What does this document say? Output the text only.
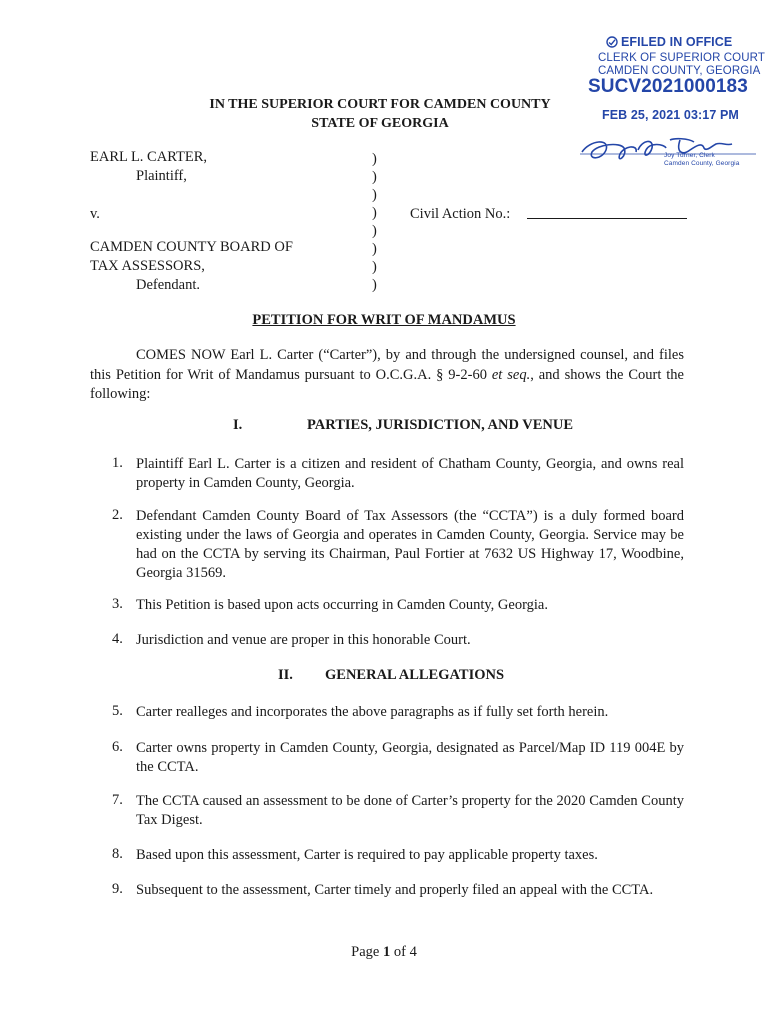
EFILED IN OFFICE
CLERK OF SUPERIOR COURT
CAMDEN COUNTY, GEORGIA
SUCV2021000183
FEB 25, 2021 03:17 PM
Joy Turner, Clerk
Camden County, Georgia
IN THE SUPERIOR COURT FOR CAMDEN COUNTY
STATE OF GEORGIA
EARL L. CARTER,
Plaintiff,
v.
CAMDEN COUNTY BOARD OF
TAX ASSESSORS,
Defendant.
)
)
)
)
)
)
)
)
Civil Action No.:
PETITION FOR WRIT OF MANDAMUS
COMES NOW Earl L. Carter (“Carter”), by and through the undersigned counsel, and files this Petition for Writ of Mandamus pursuant to O.C.G.A. § 9-2-60 et seq., and shows the Court the following:
I.	PARTIES, JURISDICTION, AND VENUE
1. Plaintiff Earl L. Carter is a citizen and resident of Chatham County, Georgia, and owns real property in Camden County, Georgia.
2. Defendant Camden County Board of Tax Assessors (the “CCTA”) is a duly formed board existing under the laws of Georgia and operates in Camden County, Georgia. Service may be had on the CCTA by serving its Chairman, Paul Fortier at 7632 US Highway 17, Woodbine, Georgia 31569.
3. This Petition is based upon acts occurring in Camden County, Georgia.
4. Jurisdiction and venue are proper in this honorable Court.
II. GENERAL ALLEGATIONS
5. Carter realleges and incorporates the above paragraphs as if fully set forth herein.
6. Carter owns property in Camden County, Georgia, designated as Parcel/Map ID 119 004E by the CCTA.
7. The CCTA caused an assessment to be done of Carter’s property for the 2020 Camden County Tax Digest.
8. Based upon this assessment, Carter is required to pay applicable property taxes.
9. Subsequent to the assessment, Carter timely and properly filed an appeal with the CCTA.
Page 1 of 4
